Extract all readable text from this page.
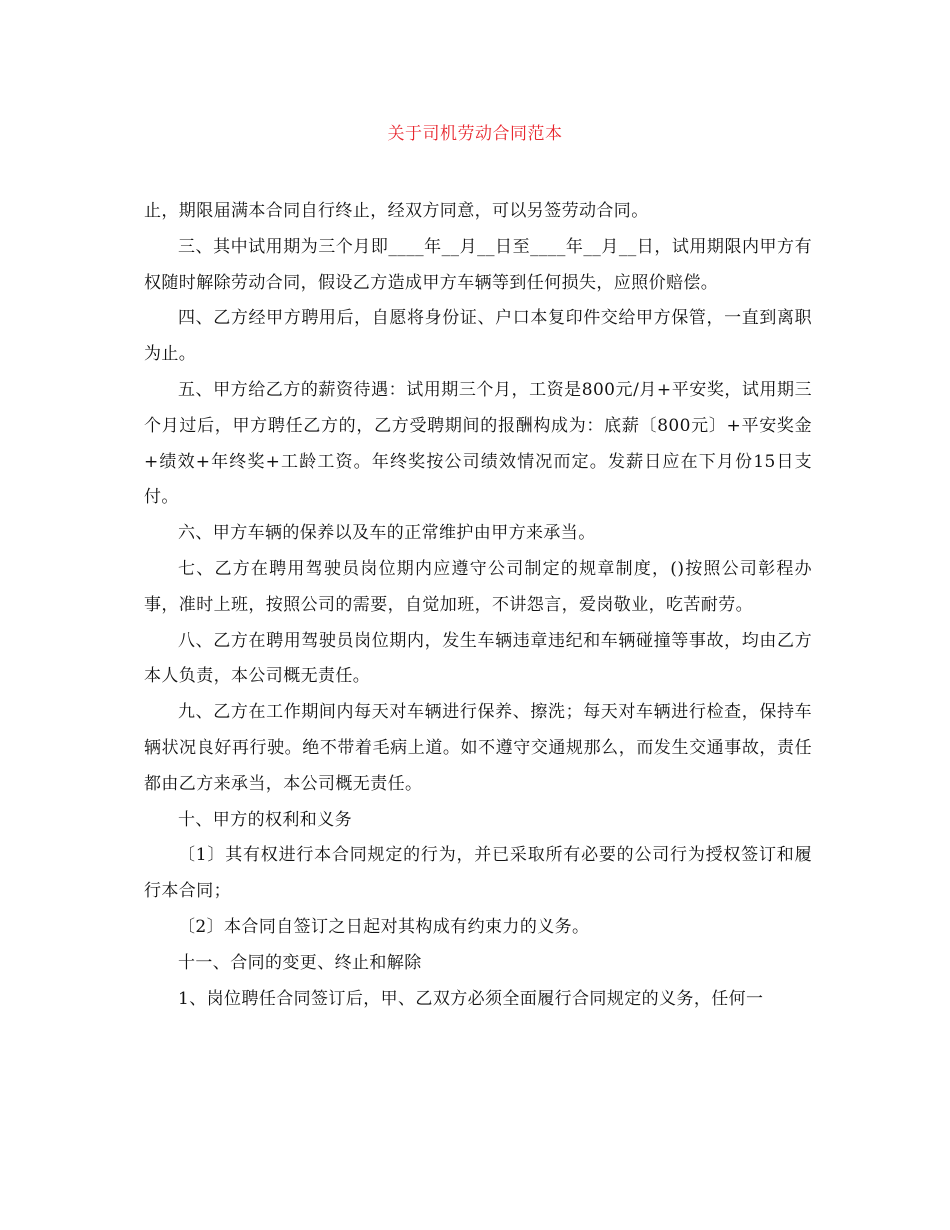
关于司机劳动合同范本

止，期限届满本合同自行终止，经双方同意，可以另签劳动合同。

三、其中试用期为三个月即____年__月__日至____年__月__日，试用期限内甲方有权随时解除劳动合同，假设乙方造成甲方车辆等到任何损失，应照价赔偿。

四、乙方经甲方聘用后，自愿将身份证、户口本复印件交给甲方保管，一直到离职为止。

五、甲方给乙方的薪资待遇：试用期三个月，工资是800元/月+平安奖，试用期三个月过后，甲方聘任乙方的，乙方受聘期间的报酬构成为：底薪〔800元〕+平安奖金+绩效+年终奖+工龄工资。年终奖按公司绩效情况而定。发薪日应在下月份15日支付。

六、甲方车辆的保养以及车的正常维护由甲方来承当。

七、乙方在聘用驾驶员岗位期内应遵守公司制定的规章制度，()按照公司彰程办事，准时上班，按照公司的需要，自觉加班，不讲怨言，爱岗敬业，吃苦耐劳。

八、乙方在聘用驾驶员岗位期内，发生车辆违章违纪和车辆碰撞等事故，均由乙方本人负责，本公司概无责任。

九、乙方在工作期间内每天对车辆进行保养、擦洗；每天对车辆进行检查，保持车辆状况良好再行驶。绝不带着毛病上道。如不遵守交通规那么，而发生交通事故，责任都由乙方来承当，本公司概无责任。

十、甲方的权利和义务

〔1〕其有权进行本合同规定的行为，并已采取所有必要的公司行为授权签订和履行本合同；

〔2〕本合同自签订之日起对其构成有约束力的义务。

十一、合同的变更、终止和解除

1、岗位聘任合同签订后，甲、乙双方必须全面履行合同规定的义务，任何一
